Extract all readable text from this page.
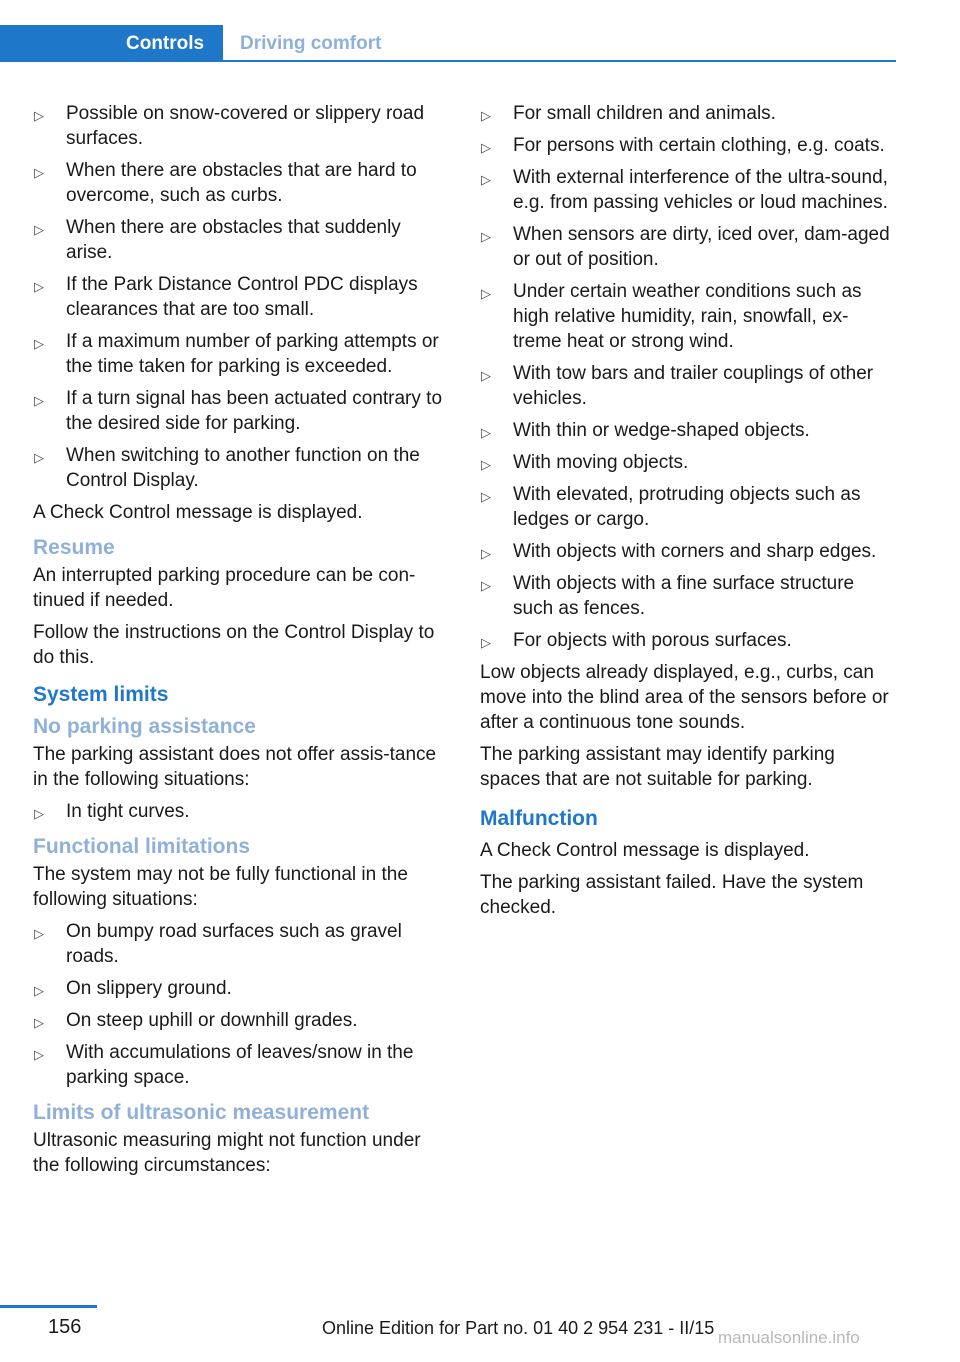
Controls	Driving comfort
▷ Possible on snow-covered or slippery road surfaces.
▷ When there are obstacles that are hard to overcome, such as curbs.
▷ When there are obstacles that suddenly arise.
▷ If the Park Distance Control PDC displays clearances that are too small.
▷ If a maximum number of parking attempts or the time taken for parking is exceeded.
▷ If a turn signal has been actuated contrary to the desired side for parking.
▷ When switching to another function on the Control Display.

A Check Control message is displayed.

Resume

An interrupted parking procedure can be con-tinued if needed.

Follow the instructions on the Control Display to do this.

System limits
No parking assistance

The parking assistant does not offer assis-tance in the following situations:

▷ In tight curves.
Functional limitations

The system may not be fully functional in the following situations:

▷ On bumpy road surfaces such as gravel roads.
▷ On slippery ground.
▷ On steep uphill or downhill grades.
▷ With accumulations of leaves/snow in the parking space.
Limits of ultrasonic measurement

Ultrasonic measuring might not function under the following circumstances:

▷ For small children and animals.
▷ For persons with certain clothing, e.g. coats.
▷ With external interference of the ultra-sound, e.g. from passing vehicles or loud machines.
▷ When sensors are dirty, iced over, dam-aged or out of position.
▷ Under certain weather conditions such as high relative humidity, rain, snowfall, ex-treme heat or strong wind.
▷ With tow bars and trailer couplings of other vehicles.
▷ With thin or wedge-shaped objects.
▷ With moving objects.
▷ With elevated, protruding objects such as ledges or cargo.
▷ With objects with corners and sharp edges.
▷ With objects with a fine surface structure such as fences.
▷ For objects with porous surfaces.

Low objects already displayed, e.g., curbs, can move into the blind area of the sensors before or after a continuous tone sounds.

The parking assistant may identify parking spaces that are not suitable for parking.

Malfunction

A Check Control message is displayed.

The parking assistant failed. Have the system checked.

156	Online Edition for Part no. 01 40 2 954 231 - II/15 manualsonline.info
